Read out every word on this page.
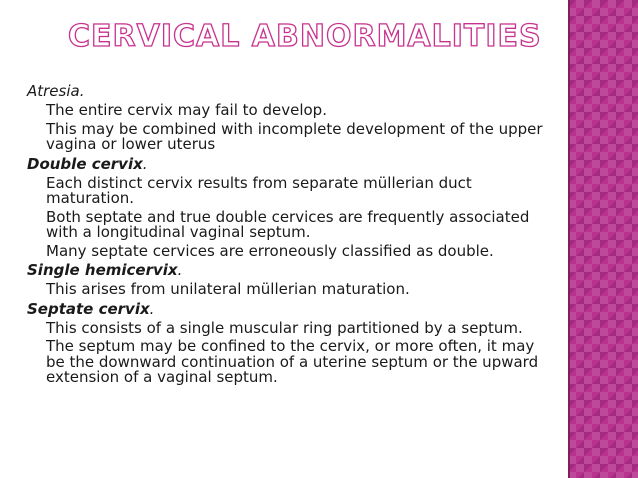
CERVICAL ABNORMALITIES

Atresia.

The entire cervix may fail to develop.

This may be combined with incomplete development of the upper vagina or lower uterus

Double cervix.

Each distinct cervix results from separate müllerian duct maturation.

Both septate and true double cervices are frequently associated with a longitudinal vaginal septum.

Many septate cervices are erroneously classified as double.

Single hemicervix.

This arises from unilateral müllerian maturation.

Septate cervix.

This consists of a single muscular ring partitioned by a septum.

The septum may be confined to the cervix, or more often, it may be the downward continuation of a uterine septum or the upward extension of a vaginal septum.
